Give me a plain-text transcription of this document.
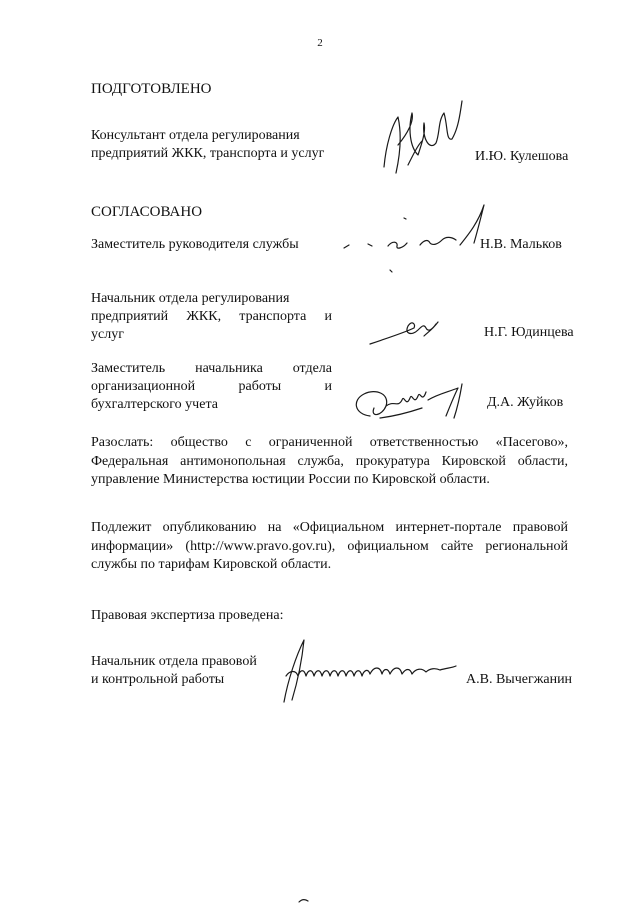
2
ПОДГОТОВЛЕНО
Консультант отдела регулирования
предприятий ЖКК, транспорта и услуг	И.Ю. Кулешова
СОГЛАСОВАНО
Заместитель руководителя службы	Н.В. Мальков
Начальник отдела регулирования
предприятий ЖКК, транспорта и
услуг	Н.Г. Юдинцева
Заместитель начальника отдела
организационной работы и
бухгалтерского учета	Д.А. Жуйков

Разослать: общество с ограниченной ответственностью «Пасегово»,

Федеральная антимонопольная служба, прокуратура Кировской области,

управление Министерства юстиции России по Кировской области.

Подлежит опубликованию на «Официальном интернет-портале правовой

информации» (http://www.pravo.gov.ru), официальном сайте региональной

службы по тарифам Кировской области.

Правовая экспертиза проведена:
Начальник отдела правовой
и контрольной работы	А.В. Вычегжанин
